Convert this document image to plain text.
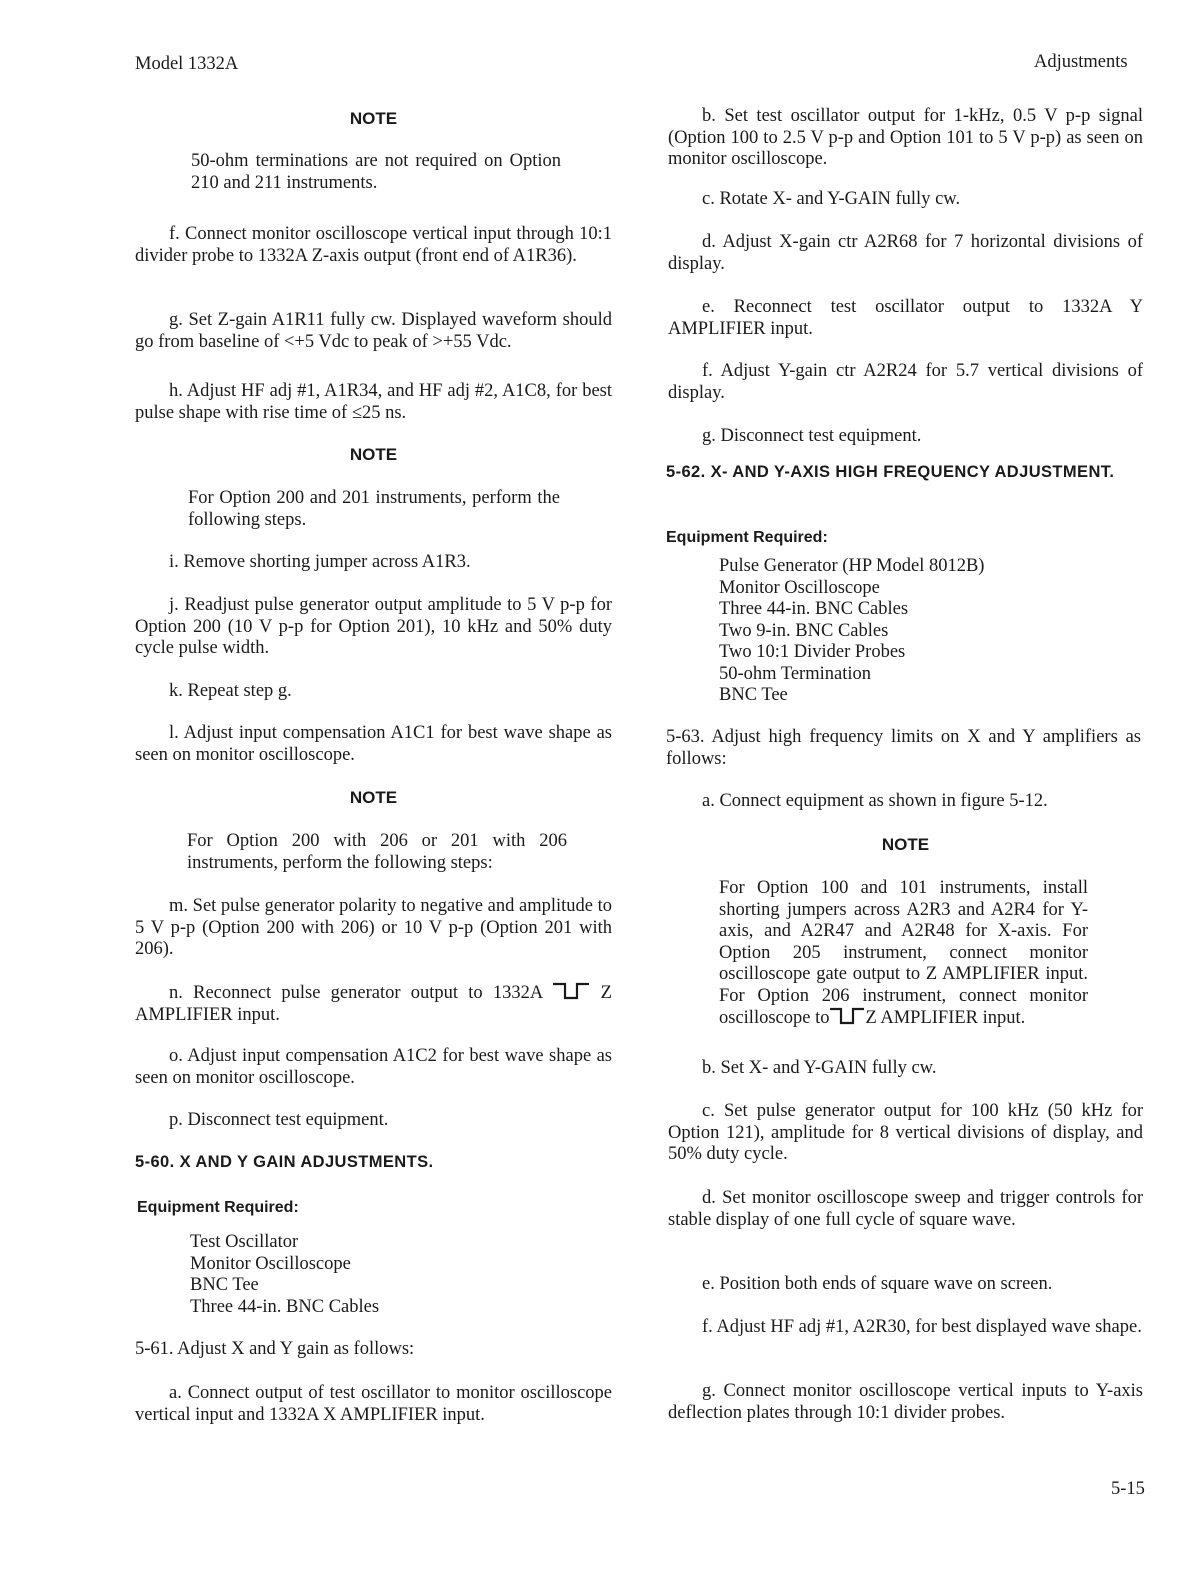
Model 1332A	Adjustments
NOTE

50-ohm terminations are not required on Option 210 and 211 instruments.

f. Connect monitor oscilloscope vertical input through 10:1 divider probe to 1332A Z-axis output (front end of A1R36).

g. Set Z-gain A1R11 fully cw. Displayed waveform should go from baseline of <+5 Vdc to peak of >+55 Vdc.

h. Adjust HF adj #1, A1R34, and HF adj #2, A1C8, for best pulse shape with rise time of ≤25 ns.

NOTE

For Option 200 and 201 instruments, perform the following steps.

i. Remove shorting jumper across A1R3.

j. Readjust pulse generator output amplitude to 5 V p-p for Option 200 (10 V p-p for Option 201), 10 kHz and 50% duty cycle pulse width.

k. Repeat step g.

l. Adjust input compensation A1C1 for best wave shape as seen on monitor oscilloscope.

NOTE

For Option 200 with 206 or 201 with 206 instruments, perform the following steps:

m. Set pulse generator polarity to negative and amplitude to 5 V p-p (Option 200 with 206) or 10 V p-p (Option 201 with 206).

n. Reconnect pulse generator output to 1332A
Z AMPLIFIER input.

o. Adjust input compensation A1C2 for best wave shape as seen on monitor oscilloscope.

p. Disconnect test equipment.

5-60. X AND Y GAIN ADJUSTMENTS.
Equipment Required:
Test Oscillator
Monitor Oscilloscope
BNC Tee
Three 44-in. BNC Cables

5-61. Adjust X and Y gain as follows:

a. Connect output of test oscillator to monitor oscilloscope vertical input and 1332A X AMPLIFIER input.

b. Set test oscillator output for 1-kHz, 0.5 V p-p signal (Option 100 to 2.5 V p-p and Option 101 to 5 V p-p) as seen on monitor oscilloscope.

c. Rotate X- and Y-GAIN fully cw.

d. Adjust X-gain ctr A2R68 for 7 horizontal divisions of display.

e. Reconnect test oscillator output to 1332A Y AMPLIFIER input.

f. Adjust Y-gain ctr A2R24 for 5.7 vertical divisions of display.

g. Disconnect test equipment.

5-62. X- AND Y-AXIS HIGH FREQUENCY ADJUSTMENT.
Equipment Required:
Pulse Generator (HP Model 8012B)
Monitor Oscilloscope
Three 44-in. BNC Cables
Two 9-in. BNC Cables
Two 10:1 Divider Probes
50-ohm Termination
BNC Tee

5-63. Adjust high frequency limits on X and Y amplifiers as follows:

a. Connect equipment as shown in figure 5-12.

NOTE

For Option 100 and 101 instruments, install shorting jumpers across A2R3 and A2R4 for Y-axis, and A2R47 and A2R48 for X-axis. For Option 205 instrument, connect monitor oscilloscope gate output to Z AMPLIFIER input. For Option 206 instrument, connect monitor oscilloscope to Z AMPLIFIER input.

b. Set X- and Y-GAIN fully cw.

c. Set pulse generator output for 100 kHz (50 kHz for Option 121), amplitude for 8 vertical divisions of display, and 50% duty cycle.

d. Set monitor oscilloscope sweep and trigger controls for stable display of one full cycle of square wave.

e. Position both ends of square wave on screen.

f. Adjust HF adj #1, A2R30, for best displayed wave shape.

g. Connect monitor oscilloscope vertical inputs to Y-axis deflection plates through 10:1 divider probes.

5-15
